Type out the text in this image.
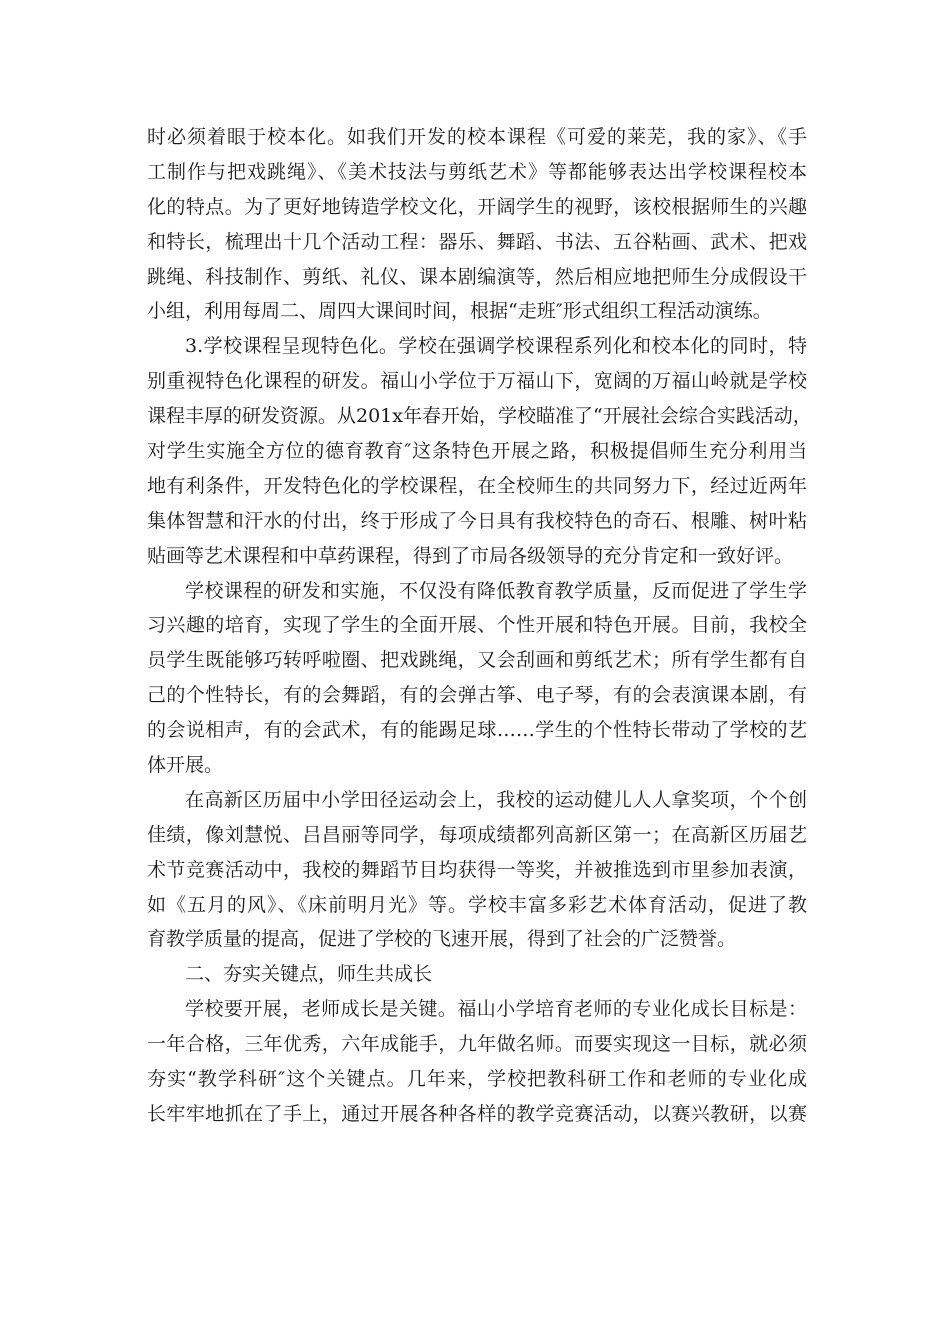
时必须着眼于校本化。如我们开发的校本课程《可爱的莱芜，我的家》、《手
工制作与把戏跳绳》、《美术技法与剪纸艺术》等都能够表达出学校课程校本
化的特点。为了更好地铸造学校文化，开阔学生的视野，该校根据师生的兴趣
和特长，梳理出十几个活动工程：器乐、舞蹈、书法、五谷粘画、武术、把戏
跳绳、科技制作、剪纸、礼仪、课本剧编演等，然后相应地把师生分成假设干
小组，利用每周二、周四大课间时间，根据“走班″形式组织工程活动演练。
3.学校课程呈现特色化。学校在强调学校课程系列化和校本化的同时，特
别重视特色化课程的研发。福山小学位于万福山下，宽阔的万福山岭就是学校
课程丰厚的研发资源。从201x年春开始，学校瞄准了“开展社会综合实践活动，
对学生实施全方位的德育教育″这条特色开展之路，积极提倡师生充分利用当
地有利条件，开发特色化的学校课程，在全校师生的共同努力下，经过近两年
集体智慧和汗水的付出，终于形成了今日具有我校特色的奇石、根雕、树叶粘
贴画等艺术课程和中草药课程，得到了市局各级领导的充分肯定和一致好评。
学校课程的研发和实施，不仅没有降低教育教学质量，反而促进了学生学
习兴趣的培育，实现了学生的全面开展、个性开展和特色开展。目前，我校全
员学生既能够巧转呼啦圈、把戏跳绳，又会刮画和剪纸艺术；所有学生都有自
己的个性特长，有的会舞蹈，有的会弹古筝、电子琴，有的会表演课本剧，有
的会说相声，有的会武术，有的能踢足球……学生的个性特长带动了学校的艺
体开展。
在高新区历届中小学田径运动会上，我校的运动健儿人人拿奖项，个个创
佳绩，像刘慧悦、吕昌丽等同学，每项成绩都列高新区第一；在高新区历届艺
术节竞赛活动中，我校的舞蹈节目均获得一等奖，并被推选到市里参加表演，
如《五月的风》、《床前明月光》等。学校丰富多彩艺术体育活动，促进了教
育教学质量的提高，促进了学校的飞速开展，得到了社会的广泛赞誉。
二、夯实关键点，师生共成长
学校要开展，老师成长是关键。福山小学培育老师的专业化成长目标是：
一年合格，三年优秀，六年成能手，九年做名师。而要实现这一目标，就必须
夯实“教学科研″这个关键点。几年来，学校把教科研工作和老师的专业化成
长牢牢地抓在了手上，通过开展各种各样的教学竞赛活动，以赛兴教研，以赛
